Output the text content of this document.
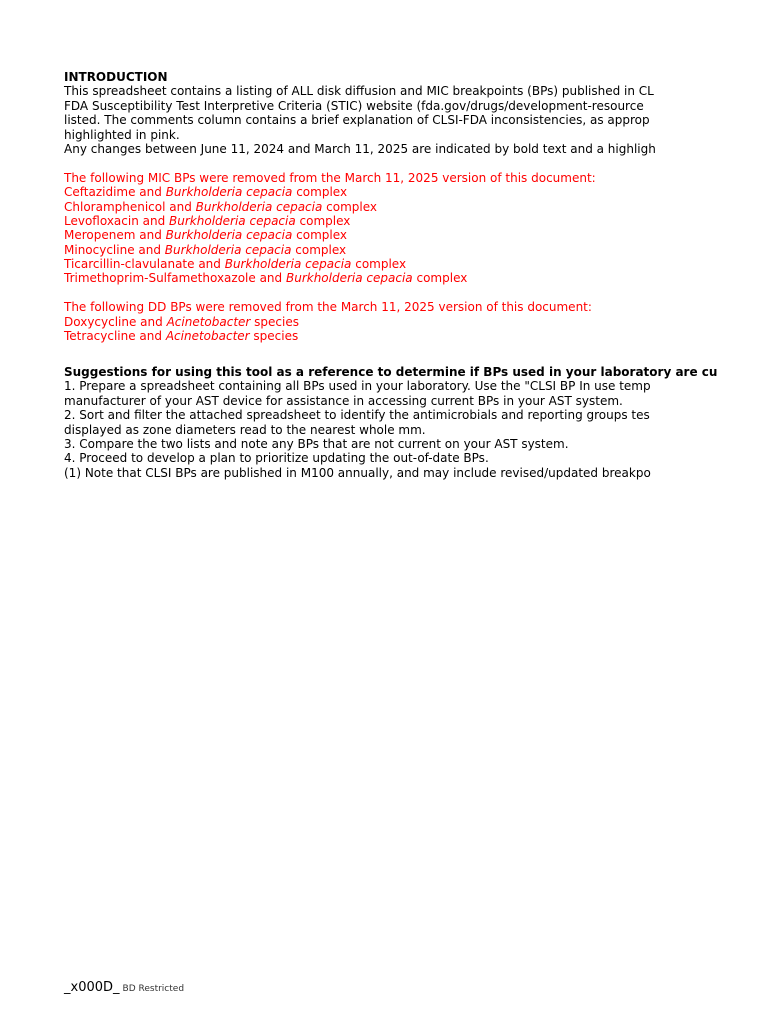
INTRODUCTION
This spreadsheet contains a listing of ALL disk diffusion and MIC breakpoints (BPs) published in CL
FDA Susceptibility Test Interpretive Criteria (STIC) website (fda.gov/drugs/development-resource
listed. The comments column contains a brief explanation of CLSI-FDA inconsistencies, as approp
highlighted in pink.
Any changes between June 11, 2024 and March 11, 2025 are indicated by bold text and a highligh
The following MIC BPs were removed from the March 11, 2025 version of this document:
Ceftazidime and Burkholderia cepacia complex
Chloramphenicol and Burkholderia cepacia complex
Levofloxacin and Burkholderia cepacia complex
Meropenem and Burkholderia cepacia complex
Minocycline and Burkholderia cepacia complex
Ticarcillin-clavulanate and Burkholderia cepacia complex
Trimethoprim-Sulfamethoxazole and Burkholderia cepacia complex
The following DD BPs were removed from the March 11, 2025 version of this document:
Doxycycline and Acinetobacter species
Tetracycline and Acinetobacter species
Suggestions for using this tool as a reference to determine if BPs used in your laboratory are cu
1. Prepare a spreadsheet containing all BPs used in your laboratory. Use the "CLSI BP In use temp
manufacturer of your AST device for assistance in accessing current BPs in your AST system.
2. Sort and filter the attached spreadsheet to identify the antimicrobials and reporting groups tes
displayed as zone diameters read to the nearest whole mm.
3. Compare the two lists and note any BPs that are not current on your AST system.
4. Proceed to develop a plan to prioritize updating the out-of-date BPs.
(1) Note that CLSI BPs are published in M100 annually, and may include revised/updated breakpo
_x000D_ BD Restricted
